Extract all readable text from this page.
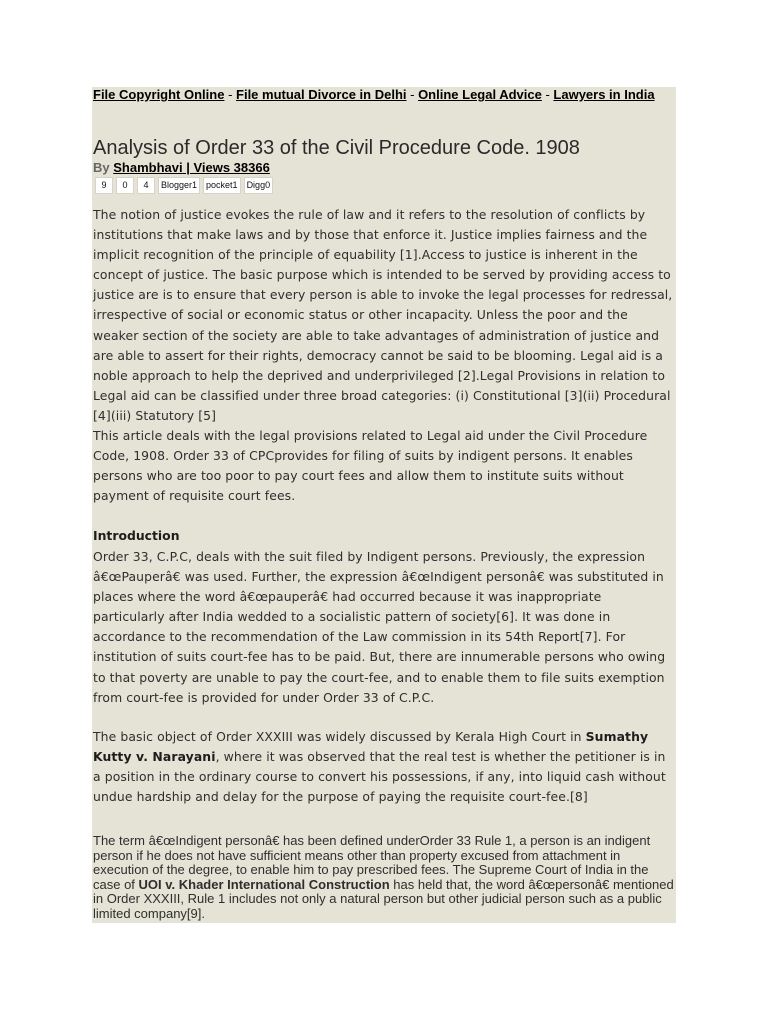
File Copyright Online - File mutual Divorce in Delhi - Online Legal Advice - Lawyers in India
Analysis of Order 33 of the Civil Procedure Code. 1908
By Shambhavi | Views 38366
9	0	4	Blogger1	pocket1	Digg0

The notion of justice evokes the rule of law and it refers to the resolution of conflicts by institutions that make laws and by those that enforce it. Justice implies fairness and the implicit recognition of the principle of equability [1].Access to justice is inherent in the concept of justice. The basic purpose which is intended to be served by providing access to justice are is to ensure that every person is able to invoke the legal processes for redressal, irrespective of social or economic status or other incapacity. Unless the poor and the weaker section of the society are able to take advantages of administration of justice and are able to assert for their rights, democracy cannot be said to be blooming. Legal aid is a noble approach to help the deprived and underprivileged [2].Legal Provisions in relation to Legal aid can be classified under three broad categories: (i) Constitutional [3](ii) Procedural [4](iii) Statutory [5]

This article deals with the legal provisions related to Legal aid under the Civil Procedure Code, 1908. Order 33 of CPCprovides for filing of suits by indigent persons. It enables persons who are too poor to pay court fees and allow them to institute suits without payment of requisite court fees.

Introduction

Order 33, C.P.C, deals with the suit filed by Indigent persons. Previously, the expression â€œPauperâ€ was used. Further, the expression â€œIndigent personâ€ was substituted in places where the word â€œpauperâ€ had occurred because it was inappropriate particularly after India wedded to a socialistic pattern of society[6]. It was done in accordance to the recommendation of the Law commission in its 54th Report[7]. For institution of suits court-fee has to be paid. But, there are innumerable persons who owing to that poverty are unable to pay the court-fee, and to enable them to file suits exemption from court-fee is provided for under Order 33 of C.P.C.

The basic object of Order XXXIII was widely discussed by Kerala High Court in Sumathy Kutty v. Narayani, where it was observed that the real test is whether the petitioner is in a position in the ordinary course to convert his possessions, if any, into liquid cash without undue hardship and delay for the purpose of paying the requisite court-fee.[8]

The term â€œIndigent personâ€ has been defined underOrder 33 Rule 1, a person is an indigent person if he does not have sufficient means other than property excused from attachment in execution of the degree, to enable him to pay prescribed fees. The Supreme Court of India in the case of UOI v. Khader International Construction has held that, the word â€œpersonâ€ mentioned in Order XXXIII, Rule 1 includes not only a natural person but other judicial person such as a public limited company[9].
